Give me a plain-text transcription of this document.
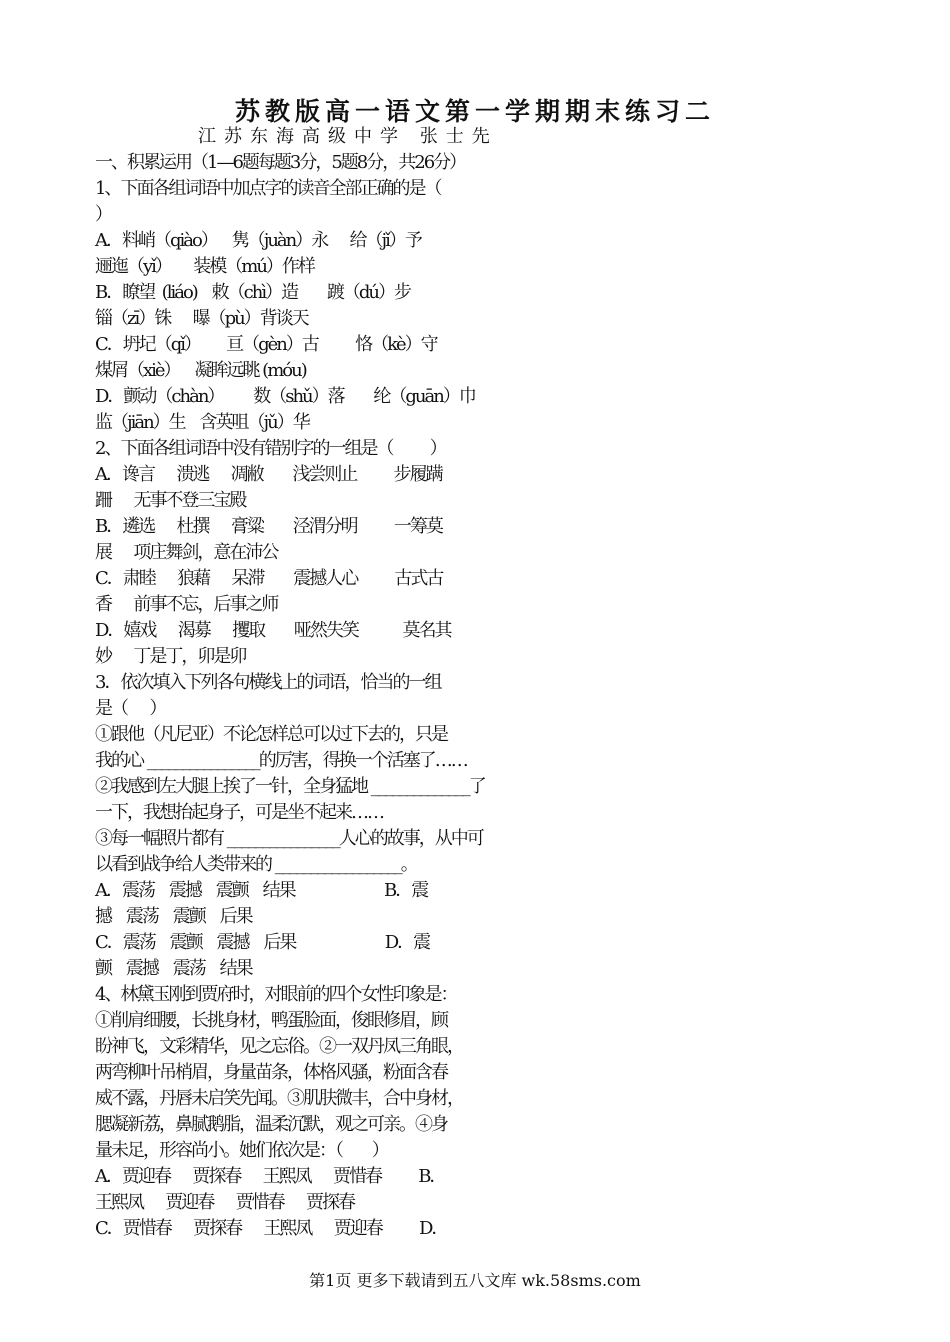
苏教版高一语文第一学期期末练习二
江苏东海高级中学 张士先
一、积累运用（1—6题每题3分，5题8分，共26分）
1、下面各组词语中加点字的读音全部正确的是（
）
A．料峭（qiào）    隽（juàn）永      给（jǐ）予
逦迤（yǐ）      装模（mú）作样
B．瞭望  (liáo)    敕（chì）造        踱（dú）步
锱（zī）铢      曝（pù）背谈天
C．坍圮（qǐ）       亘（gèn）古          恪（kè）守
煤屑（xiè）    凝眸远眺 (móu)
D．颤动（chàn）        数（shǔ）落        纶（guān）巾
监（jiān）生    含英咀（jǔ）华
2、下面各组词语中没有错别字的一组是（          ）
A．谗言      溃逃      凋敝        浅尝则止          步履蹒
跚      无事不登三宝殿
B．遴选      杜撰      膏粱        泾渭分明          一筹莫
展      项庄舞剑，意在沛公
C．肃睦      狼藉      呆滞        震撼人心          古式古
香      前事不忘，后事之师
D．嬉戏      渴募      攫取        哑然失笑            莫名其
妙      丁是丁，卯是卯
3．依次填入下列各句横线上的词语，恰当的一组
是（      ）
①跟他（凡尼亚）不论怎样总可以过下去的，只是
我的心 ________________的厉害，得换一个活塞了……
②我感到左大腿上挨了一针，全身猛地 ______________了
一下，我想抬起身子，可是坐不起来……
③每一幅照片都有 ________________人心的故事，从中可
以看到战争给人类带来的 __________________。
A．震荡    震撼    震颤    结果                        B．震
撼    震荡    震颤    后果
C．震荡    震颤    震撼    后果                        D．震
颤    震撼    震荡    结果
4、林黛玉刚到贾府时，对眼前的四个女性印象是：
①削肩细腰，长挑身材，鸭蛋脸面，俊眼修眉，顾
盼神飞，文彩精华，见之忘俗。②一双丹凤三角眼，
两弯柳叶吊梢眉，身量苗条，体格风骚，粉面含春
威不露，丹唇未启笑先闻。③肌肤微丰，合中身材，
腮凝新荔，鼻腻鹅脂，温柔沉默，观之可亲。④身
量未足，形容尚小。她们依次是：（        ）
A．贾迎春      贾探春      王熙凤      贾惜春          B．
王熙凤      贾迎春      贾惜春      贾探春
C．贾惜春      贾探春      王熙凤      贾迎春          D．
第1页 更多下载请到五八文库 wk.58sms.com
